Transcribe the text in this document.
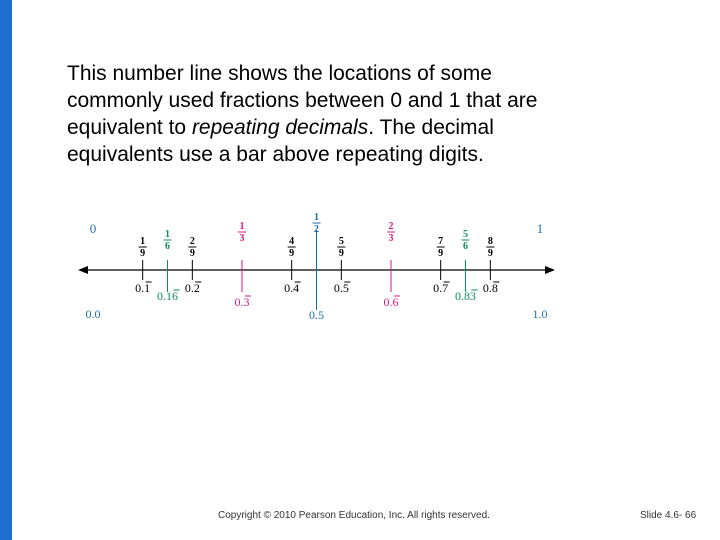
This number line shows the locations of some
commonly used fractions between 0 and 1 that are
equivalent to repeating decimals. The decimal
equivalents use a bar above repeating digits.
0
0.0
1
1.0
1
9
0.1
1
6
0.16
2
9
0.2
1
3
0.3
4
9
0.4
1
2
0.5
5
9
0.5
2
3
0.6
7
9
0.7
5
6
0.83
8
9
0.8
Copyright © 2010 Pearson Education, Inc. All rights reserved.	Slide 4.6- 66
